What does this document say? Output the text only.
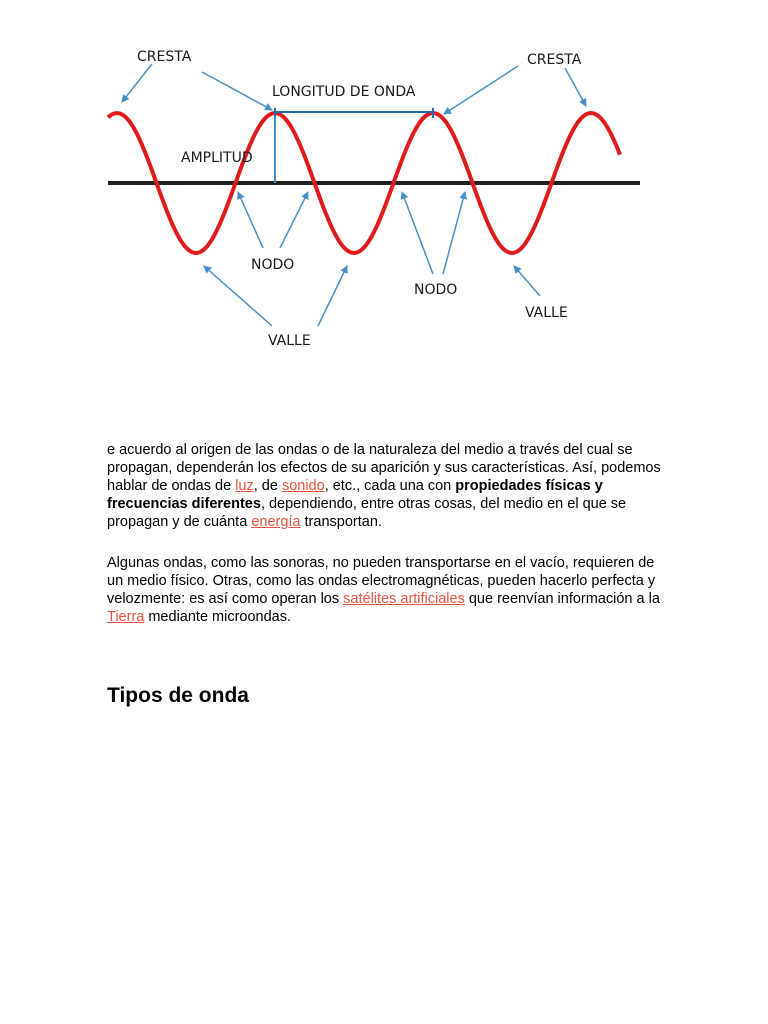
CRESTA	CRESTA
LONGITUD DE ONDA
AMPLITUD
NODO
NODO
VALLE
VALLE

e acuerdo al origen de las ondas o de la naturaleza del medio a través del cual se propagan, dependerán los efectos de su aparición y sus características. Así, podemos hablar de ondas de luz, de sonido, etc., cada una con propiedades físicas y frecuencias diferentes, dependiendo, entre otras cosas, del medio en el que se propagan y de cuánta energía transportan.

Algunas ondas, como las sonoras, no pueden transportarse en el vacío, requieren de un medio físico. Otras, como las ondas electromagnéticas, pueden hacerlo perfecta y velozmente: es así como operan los satélites artificiales que reenvían información a la Tierra mediante microondas.

Tipos de onda
